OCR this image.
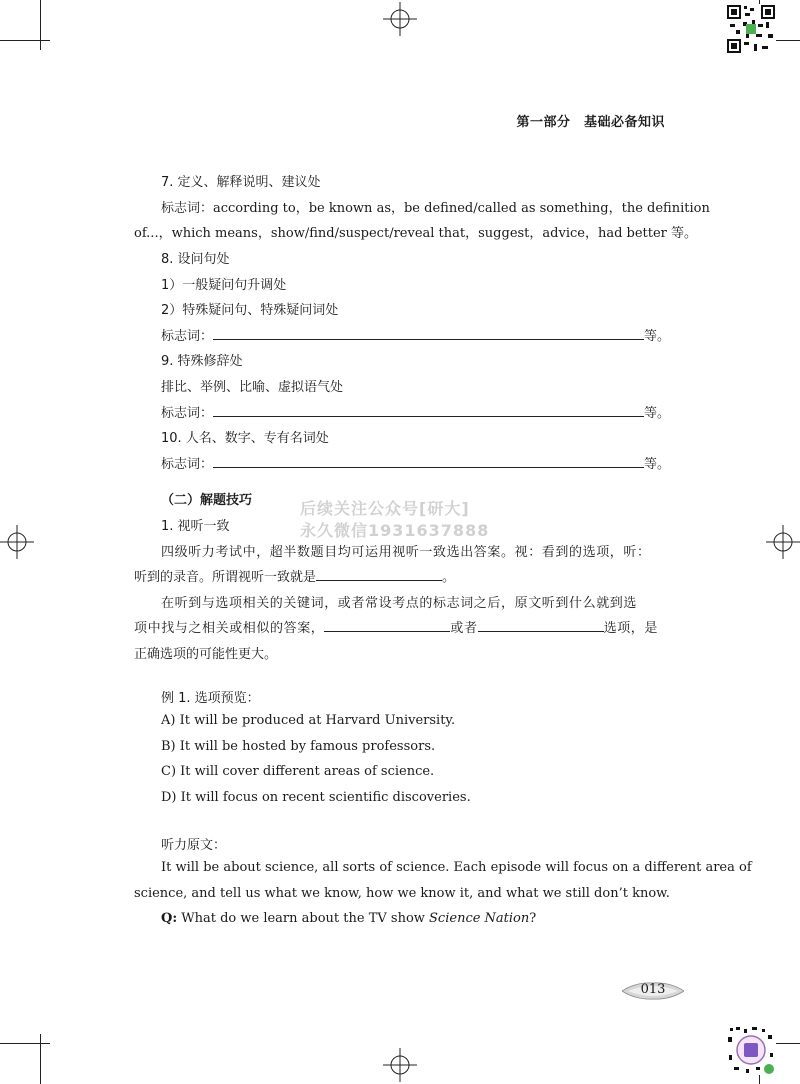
第一部分　基础必备知识
7. 定义、解释说明、建议处
标志词：according to，be known as，be defined/called as something，the definition
of...，which means，show/find/suspect/reveal that，suggest，advice，had better 等。
8. 设问句处
1）一般疑问句升调处
2）特殊疑问句、特殊疑问词处
标志词：	等。
9. 特殊修辞处
排比、举例、比喻、虚拟语气处
标志词：	等。
10. 人名、数字、专有名词处
标志词：	等。
（二）解题技巧
1. 视听一致
四级听力考试中，超半数题目均可运用视听一致选出答案。视：看到的选项，听：
听到的录音。所谓视听一致就是	。
在听到与选项相关的关键词，或者常设考点的标志词之后，原文听到什么就到选
项中找与之相关或相似的答案，	或者	选项，是
正确选项的可能性更大。
例 1. 选项预览：
A) It will be produced at Harvard University.
B) It will be hosted by famous professors.
C) It will cover different areas of science.
D) It will focus on recent scientific discoveries.
听力原文：
It will be about science, all sorts of science. Each episode will focus on a different area of
science, and tell us what we know, how we know it, and what we still don’t know.
Q: What do we learn about the TV show Science Nation?
后续关注公众号[研大]
永久微信1931637888
013
